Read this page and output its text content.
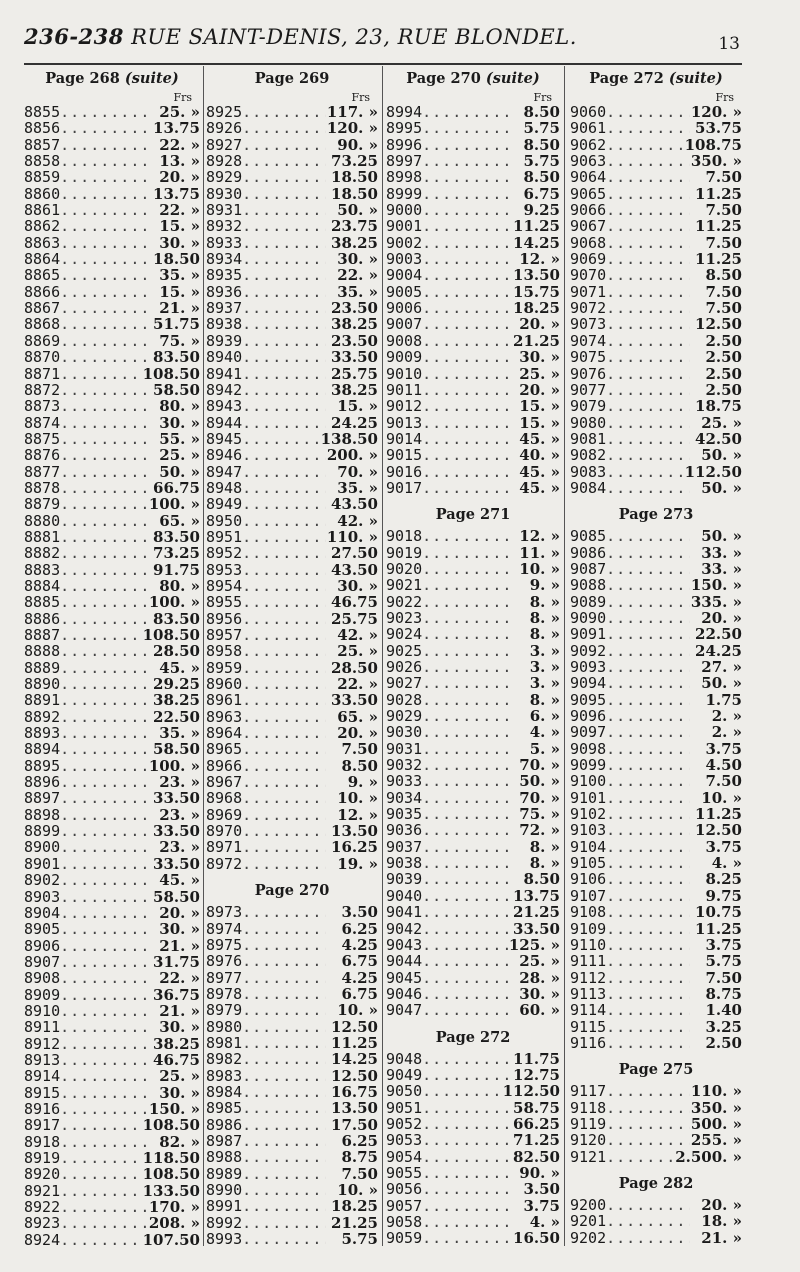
236-238 RUE SAINT-DENIS, 23, RUE BLONDEL.	13
Page 268 (suite)
Frs
8855 .....	25. »
8856 .....	13.75
8857 .....	22. »
8858 .....	13. »
8859 .....	20. »
8860 .....	13.75
8861 .....	22. »
8862 .....	15. »
8863 .....	30. »
8864 .....	18.50
8865 .....	35. »
8866 .....	15. »
8867 .....	21. »
8868 .....	51.75
8869 .....	75. »
8870 .....	83.50
8871 .....	108.50
8872 .....	58.50
8873 .....	80. »
8874 .....	30. »
8875 .....	55. »
8876 .....	25. »
8877 .....	50. »
8878 .....	66.75
8879 .....	100. »
8880 .....	65. »
8881 .....	83.50
8882 .....	73.25
8883 .....	91.75
8884 .....	80. »
8885 .....	100. »
8886 .....	83.50
8887 .....	108.50
8888 .....	28.50
8889 .....	45. »
8890 .....	29.25
8891 .....	38.25
8892 .....	22.50
8893 .....	35. »
8894 .....	58.50
8895 .....	100. »
8896 .....	23. »
8897 .....	33.50
8898 .....	23. »
8899 .....	33.50
8900 .....	23. »
8901 .....	33.50
8902 .....	45. »
8903 .....	58.50
8904 .....	20. »
8905 .....	30. »
8906 .....	21. »
8907 .....	31.75
8908 .....	22. »
8909 .....	36.75
8910 .....	21. »
8911 .....	30. »
8912 .....	38.25
8913 .....	46.75
8914 .....	25. »
8915 .....	30. »
8916 .....	150. »
8917 .....	108.50
8918 .....	82. »
8919 .....	118.50
8920 .....	108.50
8921 .....	133.50
8922 .....	170. »
8923 .....	208. »
8924 .....	107.50
Page 269
Frs
8925 .....	117. »
8926 .....	120. »
8927 .....	90. »
8928 .....	73.25
8929 .....	18.50
8930 .....	18.50
8931 .....	50. »
8932 .....	23.75
8933 .....	38.25
8934 .....	30. »
8935 .....	22. »
8936 .....	35. »
8937 .....	23.50
8938 .....	38.25
8939 .....	23.50
8940 .....	33.50
8941 .....	25.75
8942 .....	38.25
8943 .....	15. »
8944 .....	24.25
8945 .....	138.50
8946 .....	200. »
8947 .....	70. »
8948 .....	35. »
8949 .....	43.50
8950 .....	42. »
8951 .....	110. »
8952 .....	27.50
8953 .....	43.50
8954 .....	30. »
8955 .....	46.75
8956 .....	25.75
8957 .....	42. »
8958 .....	25. »
8959 .....	28.50
8960 .....	22. »
8961 .....	33.50
8963 .....	65. »
8964 .....	20. »
8965 .....	7.50
8966 .....	8.50
8967 .....	9. »
8968 .....	10. »
8969 .....	12. »
8970 .....	13.50
8971 .....	16.25
8972 .....	19. »
Page 270
8973 .....	3.50
8974 .....	6.25
8975 .....	4.25
8976 .....	6.75
8977 .....	4.25
8978 .....	6.75
8979 .....	10. »
8980 .....	12.50
8981 .....	11.25
8982 .....	14.25
8983 .....	12.50
8984 .....	16.75
8985 .....	13.50
8986 .....	17.50
8987 .....	6.25
8988 .....	8.75
8989 .....	7.50
8990 .....	10. »
8991 .....	18.25
8992 .....	21.25
8993 .....	5.75
Page 270 (suite)
Frs
8994 .....	8.50
8995 .....	5.75
8996 .....	8.50
8997 .....	5.75
8998 .....	8.50
8999 .....	6.75
9000 .....	9.25
9001 .....	11.25
9002 .....	14.25
9003 .....	12. »
9004 .....	13.50
9005 .....	15.75
9006 .....	18.25
9007 .....	20. »
9008 .....	21.25
9009 .....	30. »
9010 .....	25. »
9011 .....	20. »
9012 .....	15. »
9013 .....	15. »
9014 .....	45. »
9015 .....	40. »
9016 .....	45. »
9017 .....	45. »
Page 271
9018 .....	12. »
9019 .....	11. »
9020 .....	10. »
9021 .....	9. »
9022 .....	8. »
9023 .....	8. »
9024 .....	8. »
9025 .....	3. »
9026 .....	3. »
9027 .....	3. »
9028 .....	8. »
9029 .....	6. »
9030 .....	4. »
9031 .....	5. »
9032 .....	70. »
9033 .....	50. »
9034 .....	70. »
9035 .....	75. »
9036 .....	72. »
9037 .....	8. »
9038 .....	8. »
9039 .....	8.50
9040 .....	13.75
9041 .....	21.25
9042 .....	33.50
9043 .....	125. »
9044 .....	25. »
9045 .....	28. »
9046 .....	30. »
9047 .....	60. »
Page 272
9048 .....	11.75
9049 .....	12.75
9050 .....	112.50
9051 .....	58.75
9052 .....	66.25
9053 .....	71.25
9054 .....	82.50
9055 .....	90. »
9056 .....	3.50
9057 .....	3.75
9058 .....	4. »
9059 .....	16.50
Page 272 (suite)
Frs
9060 .....	120. »
9061 .....	53.75
9062 .....	108.75
9063 .....	350. »
9064 .....	7.50
9065 .....	11.25
9066 .....	7.50
9067 .....	11.25
9068 .....	7.50
9069 .....	11.25
9070 .....	8.50
9071 .....	7.50
9072 .....	7.50
9073 .....	12.50
9074 .....	2.50
9075 .....	2.50
9076 .....	2.50
9077 .....	2.50
9079 .....	18.75
9080 .....	25. »
9081 .....	42.50
9082 .....	50. »
9083 .....	112.50
9084 .....	50. »
Page 273
9085 .....	50. »
9086 .....	33. »
9087 .....	33. »
9088 .....	150. »
9089 .....	335. »
9090 .....	20. »
9091 .....	22.50
9092 .....	24.25
9093 .....	27. »
9094 .....	50. »
9095 .....	1.75
9096 .....	2. »
9097 .....	2. »
9098 .....	3.75
9099 .....	4.50
9100 .....	7.50
9101 .....	10. »
9102 .....	11.25
9103 .....	12.50
9104 .....	3.75
9105 .....	4. »
9106 .....	8.25
9107 .....	9.75
9108 .....	10.75
9109 .....	11.25
9110 .....	3.75
9111 .....	5.75
9112 .....	7.50
9113 .....	8.75
9114 .....	1.40
9115 .....	3.25
9116 .....	2.50
Page 275
9117 .....	110. »
9118 .....	350. »
9119 .....	500. »
9120 .....	255. »
9121 .....	2.500. »
Page 282
9200 .....	20. »
9201 .....	18. »
9202 .....	21. »
